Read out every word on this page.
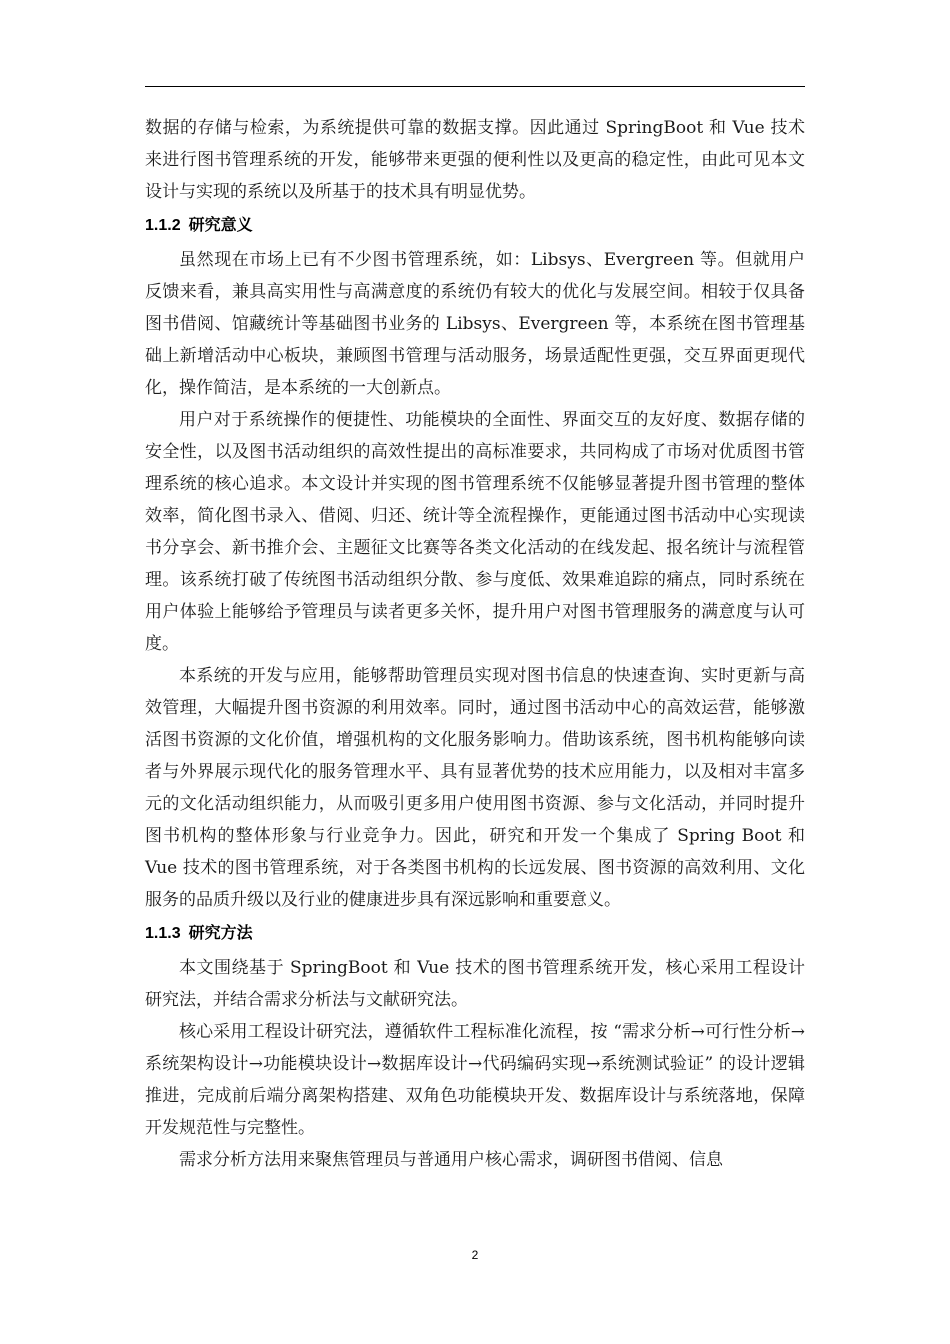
数据的存储与检索，为系统提供可靠的数据支撑。因此通过 SpringBoot 和 Vue 技术来进行图书管理系统的开发，能够带来更强的便利性以及更高的稳定性，由此可见本文设计与实现的系统以及所基于的技术具有明显优势。

1.1.2 研究意义

虽然现在市场上已有不少图书管理系统，如：Libsys、Evergreen 等。但就用户反馈来看，兼具高实用性与高满意度的系统仍有较大的优化与发展空间。相较于仅具备图书借阅、馆藏统计等基础图书业务的 Libsys、Evergreen 等，本系统在图书管理基础上新增活动中心板块，兼顾图书管理与活动服务，场景适配性更强，交互界面更现代化，操作简洁，是本系统的一大创新点。

用户对于系统操作的便捷性、功能模块的全面性、界面交互的友好度、数据存储的安全性，以及图书活动组织的高效性提出的高标准要求，共同构成了市场对优质图书管理系统的核心追求。本文设计并实现的图书管理系统不仅能够显著提升图书管理的整体效率，简化图书录入、借阅、归还、统计等全流程操作，更能通过图书活动中心实现读书分享会、新书推介会、主题征文比赛等各类文化活动的在线发起、报名统计与流程管理。该系统打破了传统图书活动组织分散、参与度低、效果难追踪的痛点，同时系统在用户体验上能够给予管理员与读者更多关怀，提升用户对图书管理服务的满意度与认可度。

本系统的开发与应用，能够帮助管理员实现对图书信息的快速查询、实时更新与高效管理，大幅提升图书资源的利用效率。同时，通过图书活动中心的高效运营，能够激活图书资源的文化价值，增强机构的文化服务影响力。借助该系统，图书机构能够向读者与外界展示现代化的服务管理水平、具有显著优势的技术应用能力，以及相对丰富多元的文化活动组织能力，从而吸引更多用户使用图书资源、参与文化活动，并同时提升图书机构的整体形象与行业竞争力。因此，研究和开发一个集成了 Spring Boot 和 Vue 技术的图书管理系统，对于各类图书机构的长远发展、图书资源的高效利用、文化服务的品质升级以及行业的健康进步具有深远影响和重要意义。

1.1.3 研究方法

本文围绕基于 SpringBoot 和 Vue 技术的图书管理系统开发，核心采用工程设计研究法，并结合需求分析法与文献研究法。

核心采用工程设计研究法，遵循软件工程标准化流程，按 “需求分析→可行性分析→系统架构设计→功能模块设计→数据库设计→代码编码实现→系统测试验证” 的设计逻辑推进，完成前后端分离架构搭建、双角色功能模块开发、数据库设计与系统落地，保障开发规范性与完整性。

需求分析方法用来聚焦管理员与普通用户核心需求，调研图书借阅、信息

2
